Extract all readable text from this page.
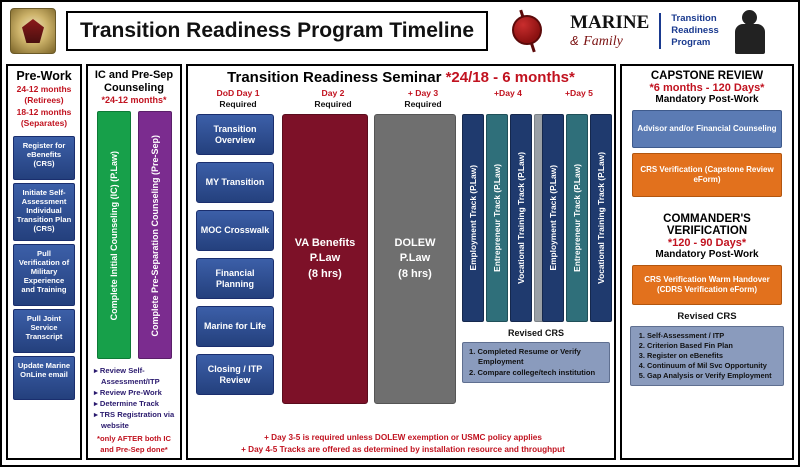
Transition Readiness Program Timeline	MARINE
& Family
Transition
Readiness
Program
Pre-Work
24-12 months
(Retirees)
18-12 months
(Separates)
Register for eBenefits (CRS)
Initiate Self-Assessment Individual Transition Plan (CRS)
Pull Verification of Military Experience and Training
Pull Joint Service Transcript
Update Marine OnLine email
IC and Pre-Sep Counseling
*24-12 months*
Complete Initial Counseling (IC) (P.Law)	Complete Pre-Separation Counseling (Pre-Sep)
▸ Review Self-Assessment/ITP
▸ Review Pre-Work
▸ Determine Track
▸ TRS Registration via website
*only AFTER both IC and Pre-Sep done*
Transition Readiness Seminar *24/18 - 6 months*
DoD Day 1
Required
Day 2
Required
+ Day 3
Required
+Day 4	+Day 5
Transition Overview
MY Transition
MOC Crosswalk
Financial Planning
Marine for Life
Closing / ITP Review
VA Benefits
P.Law
(8 hrs)
DOLEW
P.Law
(8 hrs)
Employment Track (P.Law) Entrepreneur Track (P.Law) Vocational Training Track (P.Law)	Employment Track (P.Law) Entrepreneur Track (P.Law) Vocational Training Track (P.Law)
Revised CRS
1. Completed Resume or Verify Employment
2. Compare college/tech institution
+ Day 3-5 is required unless DOLEW exemption or USMC policy applies
+ Day 4-5 Tracks are offered as determined by installation resource and throughput
CAPSTONE REVIEW
*6 months - 120 Days*
Mandatory Post-Work
Advisor and/or Financial Counseling
CRS Verification (Capstone Review eForm)
COMMANDER'S VERIFICATION
*120 - 90 Days*
Mandatory Post-Work
CRS Verification Warm Handover (CDRS Verification eForm)
Revised CRS
1. Self-Assessment / ITP
2. Criterion Based Fin Plan
3. Register on eBenefits
4. Continuum of Mil Svc Opportunity
5. Gap Analysis or Verify Employment
